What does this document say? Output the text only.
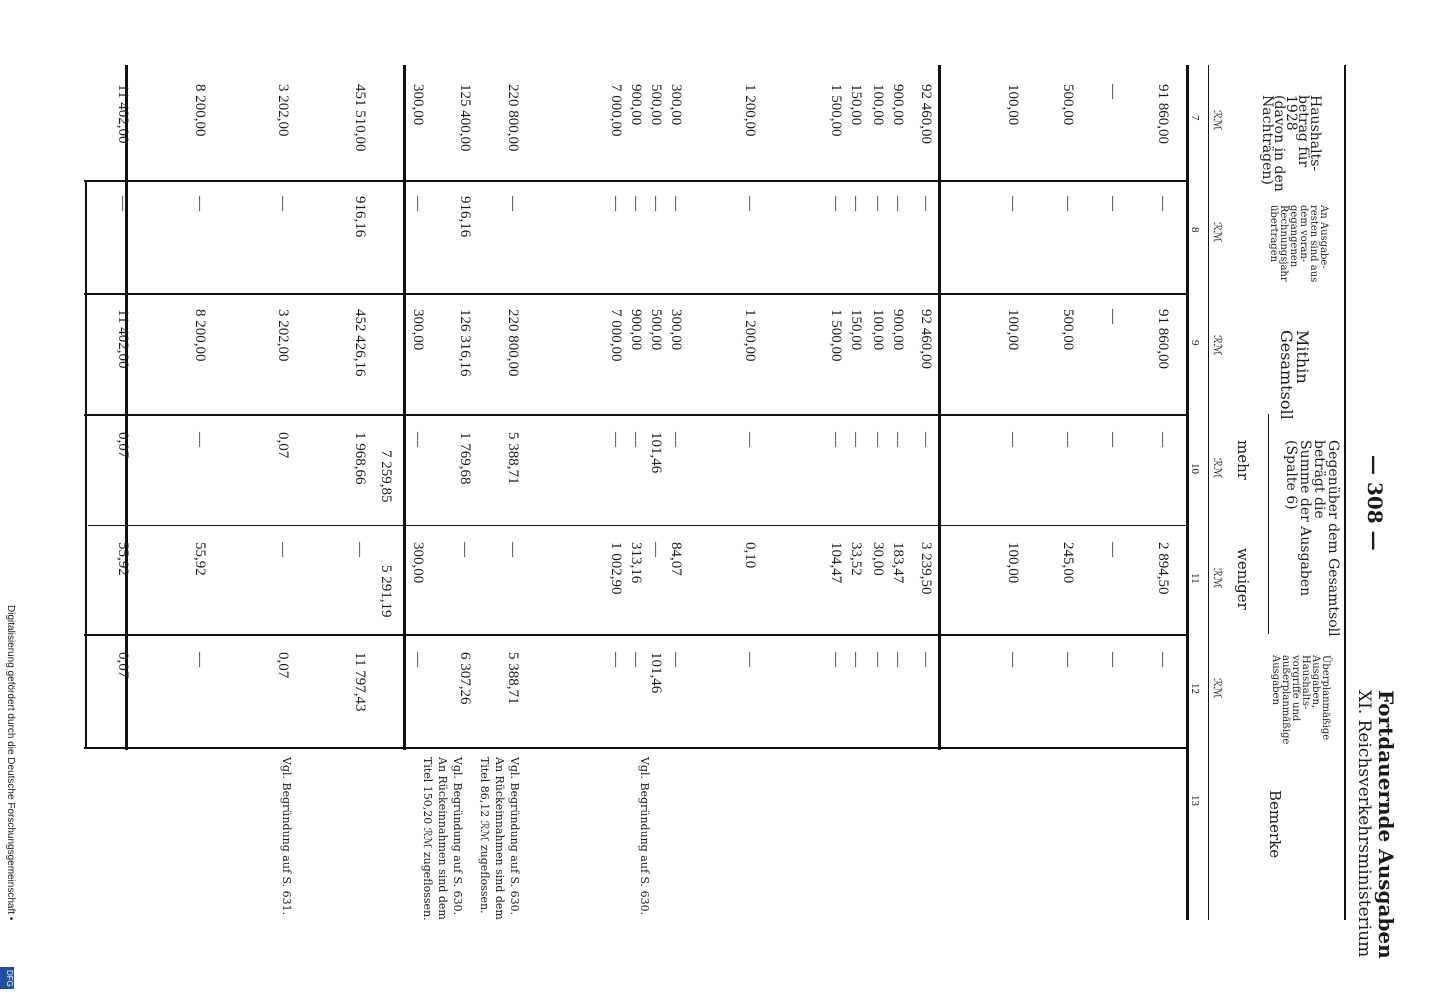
XI. Reichsverkehrsministerium Fortdauernde Ausgaben
— 308 —
Haushalts-
betrag für
1928
(davon in den
Nachträgen)
7 ℛℳ
An Ausgabe-
resten sind aus
dem voran-
gegangenen
Rechnungsjahr
übertragen
8 ℛℳ
Mithin
Gesamtsoll
9 ℛℳ
mehr
10 ℛℳ
weniger
11 ℛℳ
Überplanmäßige
Ausgaben,
Haushalts-
vorgriffe und
außerplanmäßige
Ausgaben
12 ℛℳ
Bemerke
13
Gegenüber dem Gesamtsoll
beträgt die
Summe der Ausgaben
(Spalte 6)
91 860,00
—
91 860,00
—
2 894,50
—
—
—
—
—
—
—
500,00
—
500,00
—
245,00
—
100,00
—
100,00
—
100,00
—
92 460,00
—
92 460,00
—
3 239,50
—
900,00
—
900,00
—
183,47
—
100,00
—
100,00
—
30,00
—
150,00
—
150,00
—
33,52
—
1 500,00
—
1 500,00
—
104,47
—
1 200,00
—
1 200,00
—
0,10
—
300,00
—
300,00
—
84,07
—
500,00
—
500,00
101,46
—
101,46
900,00
—
900,00
—
313,16
—
7 000,00
—
7 000,00
—
1 002,90
—
220 800,00
—
220 800,00
5 388,71
—
5 388,71
125 400,00
916,16
126 316,16
1 769,68
—
6 307,26
300,00
—
300,00
—
300,00
—
451 510,00
916,16
452 426,16
1 968,66
—
11 797,43
3 202,00
—
3 202,00
0,07
—
0,07
8 200,00
—
8 200,00
—
55,92
—
11 402,00
—
11 402,00
0,07
55,92
0,07
7 259,85
5 291,19
Vgl. Begründung auf S. 630.
Vgl. Begründung auf S. 630.
An Rückeinnahmen sind dem
Titel 86,12 ℛℳ zugeflossen.
Vgl. Begründung auf S. 630.
An Rückeinnahmen sind dem
Titel 150,20 ℛℳ zugeflossen.
Vgl. Begründung auf S. 631.
Digitalisierung gefördert durch die Deutsche Forschungsgemeinschaft •
DFG
